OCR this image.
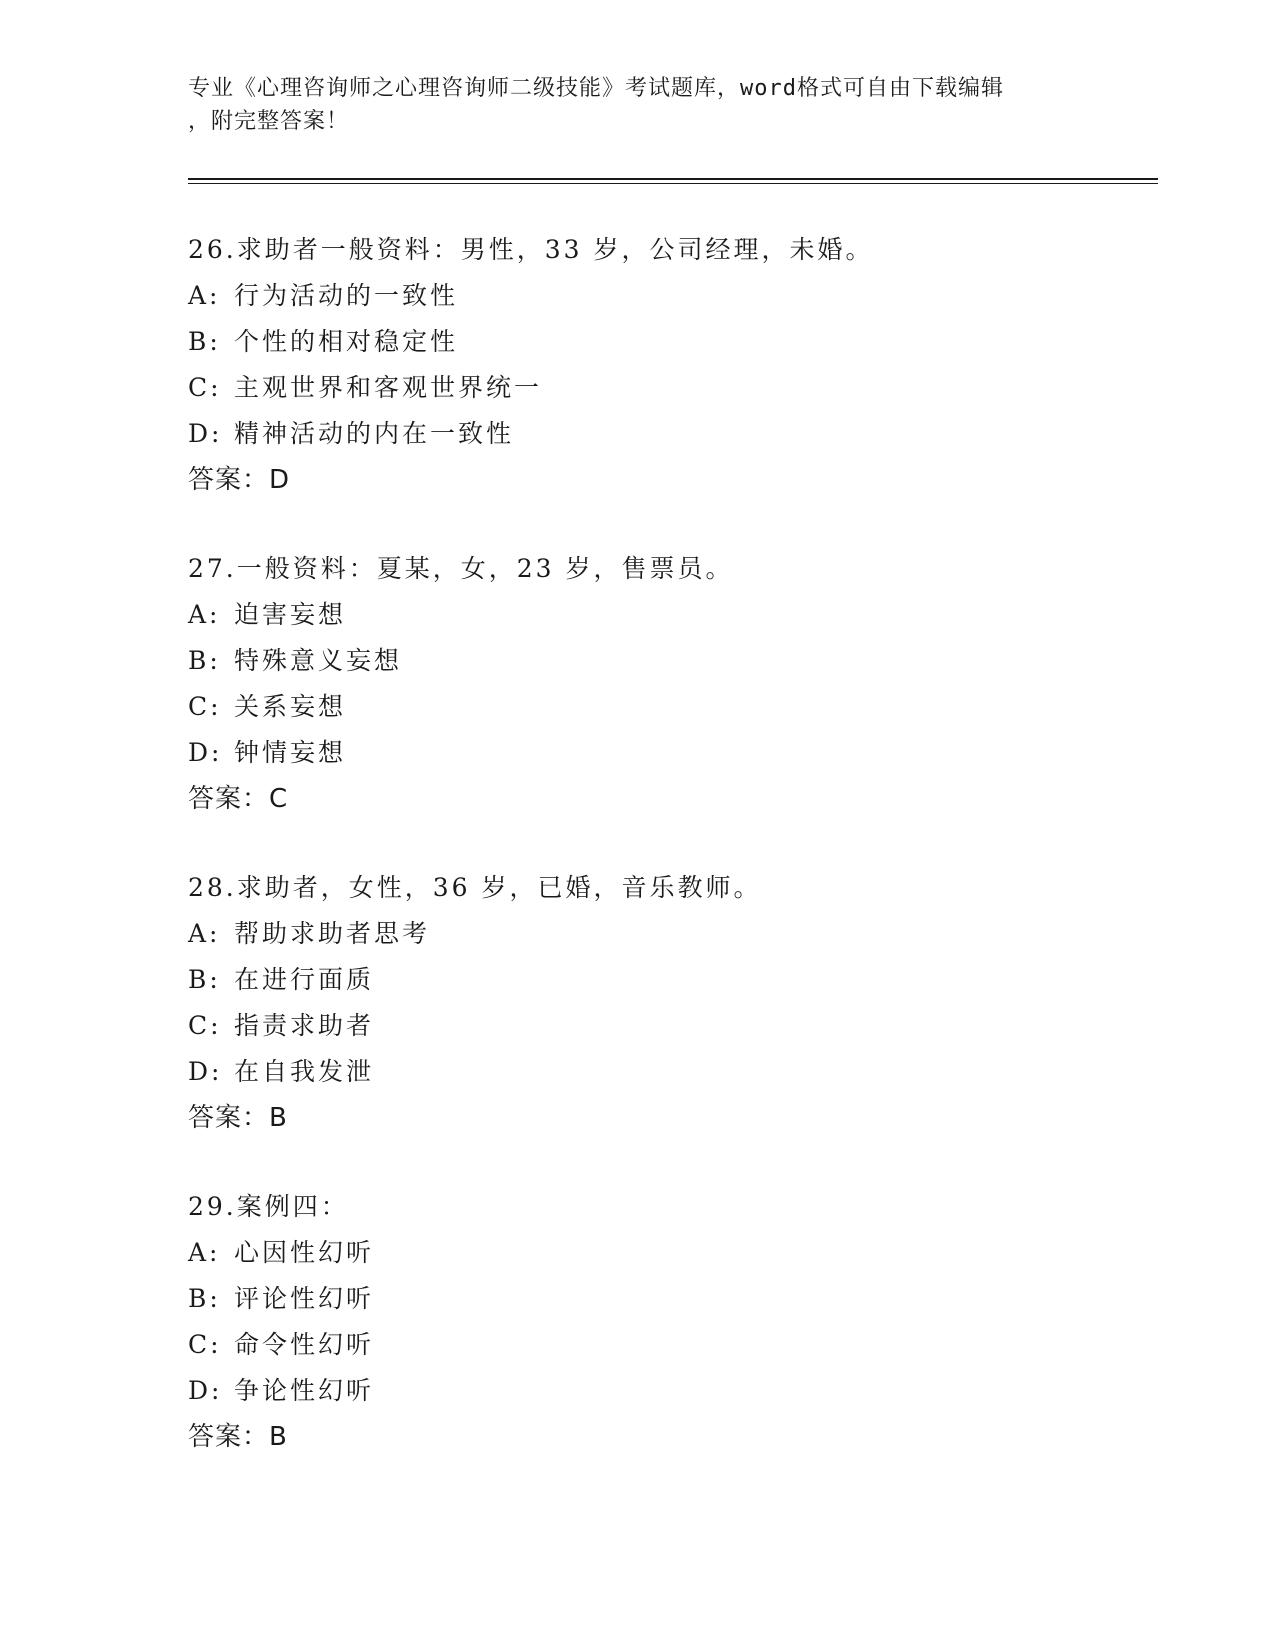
专业《心理咨询师之心理咨询师二级技能》考试题库，word格式可自由下载编辑
，附完整答案！
26.求助者一般资料：男性，33 岁，公司经理，未婚。
A: 行为活动的一致性
B: 个性的相对稳定性
C: 主观世界和客观世界统一
D: 精神活动的内在一致性
答案：D
27.一般资料：夏某，女，23 岁，售票员。
A: 迫害妄想
B: 特殊意义妄想
C: 关系妄想
D: 钟情妄想
答案：C
28.求助者，女性，36 岁，已婚，音乐教师。
A: 帮助求助者思考
B: 在进行面质
C: 指责求助者
D: 在自我发泄
答案：B
29.案例四：
A: 心因性幻听
B: 评论性幻听
C: 命令性幻听
D: 争论性幻听
答案：B
